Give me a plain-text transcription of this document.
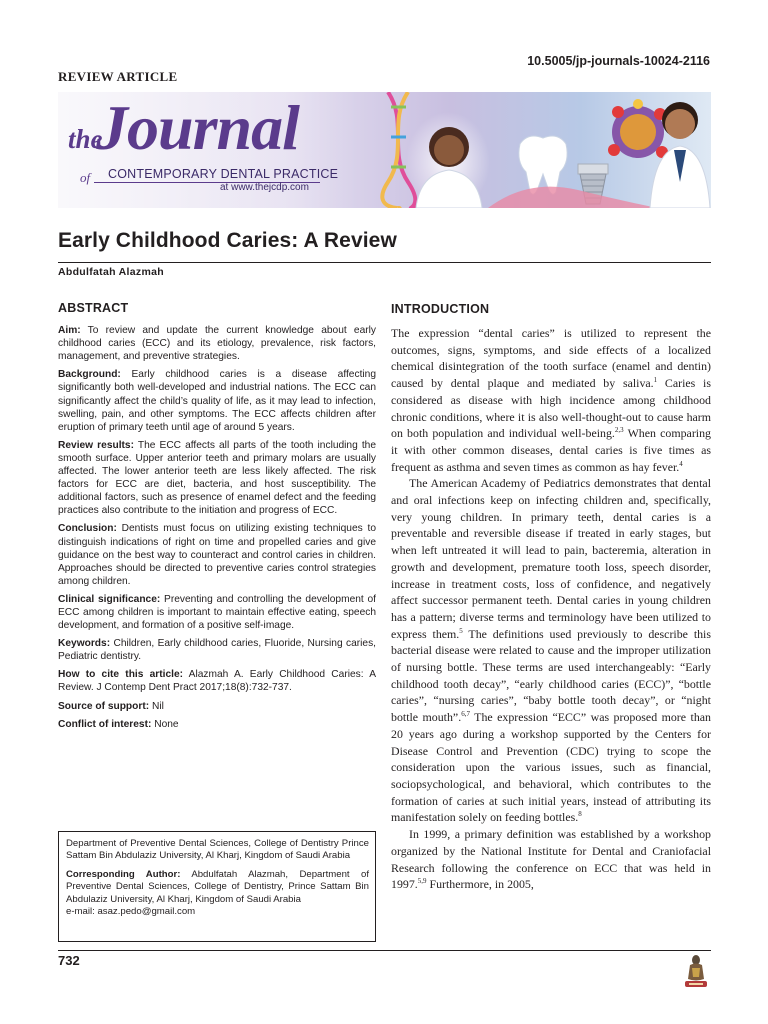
10.5005/jp-journals-10024-2116
REVIEW ARTICLE
the
Journal
of CONTEMPORARY DENTAL PRACTICE
at www.thejcdp.com
Early Childhood Caries: A Review
Abdulfatah Alazmah
ABSTRACT

Aim: To review and update the current knowledge about early childhood caries (ECC) and its etiology, prevalence, risk factors, management, and preventive strategies.

Background: Early childhood caries is a disease affecting significantly both well-developed and industrial nations. The ECC can significantly affect the child’s quality of life, as it may lead to infection, swelling, pain, and other symptoms. The ECC affects children after eruption of primary teeth until age of around 5 years.

Review results: The ECC affects all parts of the tooth including the smooth surface. Upper anterior teeth and primary molars are usually affected. The lower anterior teeth are less likely affected. The risk factors for ECC are diet, bacteria, and host susceptibility. The additional factors, such as presence of enamel defect and the feeding practices also contribute to the initiation and progress of ECC.

Conclusion: Dentists must focus on utilizing existing techniques to distinguish indications of right on time and propelled caries and give guidance on the best way to counteract and control caries in children. Approaches should be directed to preventive caries control strategies among children.

Clinical significance: Preventing and controlling the development of ECC among children is important to maintain effective eating, speech development, and formation of a positive self-image.

Keywords: Children, Early childhood caries, Fluoride, Nursing caries, Pediatric dentistry.

How to cite this article: Alazmah A. Early Childhood Caries: A Review. J Contemp Dent Pract 2017;18(8):732-737.

Source of support: Nil

Conflict of interest: None

Department of Preventive Dental Sciences, College of Dentistry Prince Sattam Bin Abdulaziz University, Al Kharj, Kingdom of Saudi Arabia

Corresponding Author: Abdulfatah Alazmah, Department of Preventive Dental Sciences, College of Dentistry, Prince Sattam Bin Abdulaziz University, Al Kharj, Kingdom of Saudi Arabia

e-mail: asaz.pedo@gmail.com

INTRODUCTION

The expression “dental caries” is utilized to represent the outcomes, signs, symptoms, and side effects of a localized chemical disintegration of the tooth surface (enamel and dentin) caused by dental plaque and mediated by saliva.$^1$ Caries is considered as disease with high incidence among childhood chronic conditions, where it is also well-thought-out to cause harm on both population and individual well-being.$^{2,3}$ When comparing it with other common diseases, dental caries is five times as frequent as asthma and seven times as common as hay fever.$^4$

The American Academy of Pediatrics demonstrates that dental and oral infections keep on infecting children and, specifically, very young children. In primary teeth, dental caries is a preventable and reversible disease if treated in early stages, but when left untreated it will lead to pain, bacteremia, alteration in growth and development, premature tooth loss, speech disorder, increase in treatment costs, loss of confidence, and negatively affect successor permanent teeth. Dental caries in young children has a pattern; diverse terms and terminology have been utilized to express them.$^5$ The definitions used previously to describe this bacterial disease were related to cause and the improper utilization of nursing bottle. These terms are used interchangeably: “Early childhood tooth decay”, “early childhood caries (ECC)”, “bottle caries”, “nursing caries”, “baby bottle tooth decay”, or “night bottle mouth”.$^{6,7}$ The expression “ECC” was proposed more than 20 years ago during a workshop supported by the Centers for Disease Control and Prevention (CDC) trying to scope the consideration upon the various issues, such as financial, sociopsychological, and behavioral, which contributes to the formation of caries at such initial years, instead of attributing its manifestation solely on feeding bottles.$^8$

In 1999, a primary definition was established by a workshop organized by the National Institute for Dental and Craniofacial Research following the conference on ECC that was held in 1997.$^{5,9}$ Furthermore, in 2005,

732
